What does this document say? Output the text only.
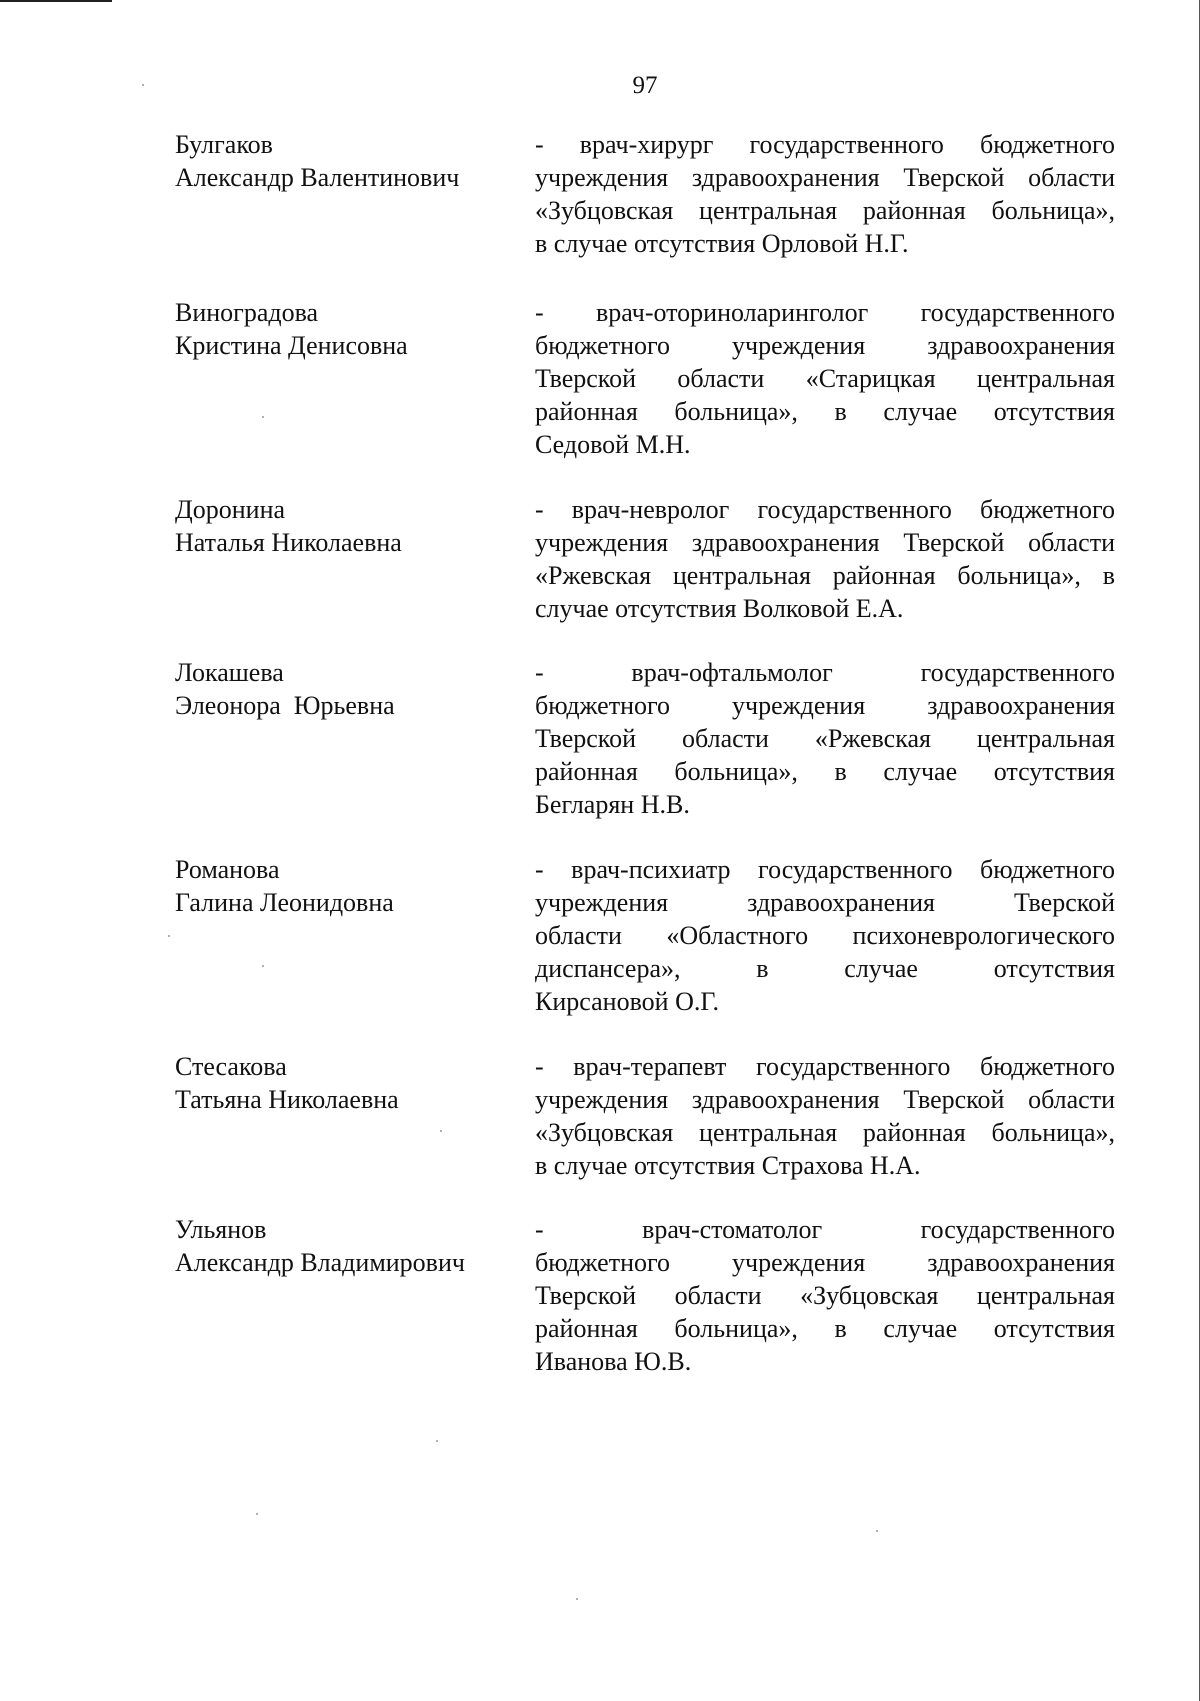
97
Булгаков
Александр Валентинович
- врач-хирург государственного бюджетного
учреждения здравоохранения Тверской области
«Зубцовская центральная районная больница»,
в случае отсутствия Орловой Н.Г.
Виноградова
Кристина Денисовна
- врач-оториноларинголог государственного
бюджетного учреждения здравоохранения
Тверской области «Старицкая центральная
районная больница», в случае отсутствия
Седовой М.Н.
Доронина
Наталья Николаевна
- врач-невролог государственного бюджетного
учреждения здравоохранения Тверской области
«Ржевская центральная районная больница», в
случае отсутствия Волковой Е.А.
Локашева
Элеонора  Юрьевна
- врач-офтальмолог государственного
бюджетного учреждения здравоохранения
Тверской области «Ржевская центральная
районная больница», в случае отсутствия
Бегларян Н.В.
Романова
Галина Леонидовна
- врач-психиатр государственного бюджетного
учреждения здравоохранения Тверской
области «Областного психоневрологического
диспансера», в случае отсутствия
Кирсановой О.Г.
Стесакова
Татьяна Николаевна
- врач-терапевт государственного бюджетного
учреждения здравоохранения Тверской области
«Зубцовская центральная районная больница»,
в случае отсутствия Страхова Н.А.
Ульянов
Александр Владимирович
- врач-стоматолог государственного
бюджетного учреждения здравоохранения
Тверской области «Зубцовская центральная
районная больница», в случае отсутствия
Иванова Ю.В.
